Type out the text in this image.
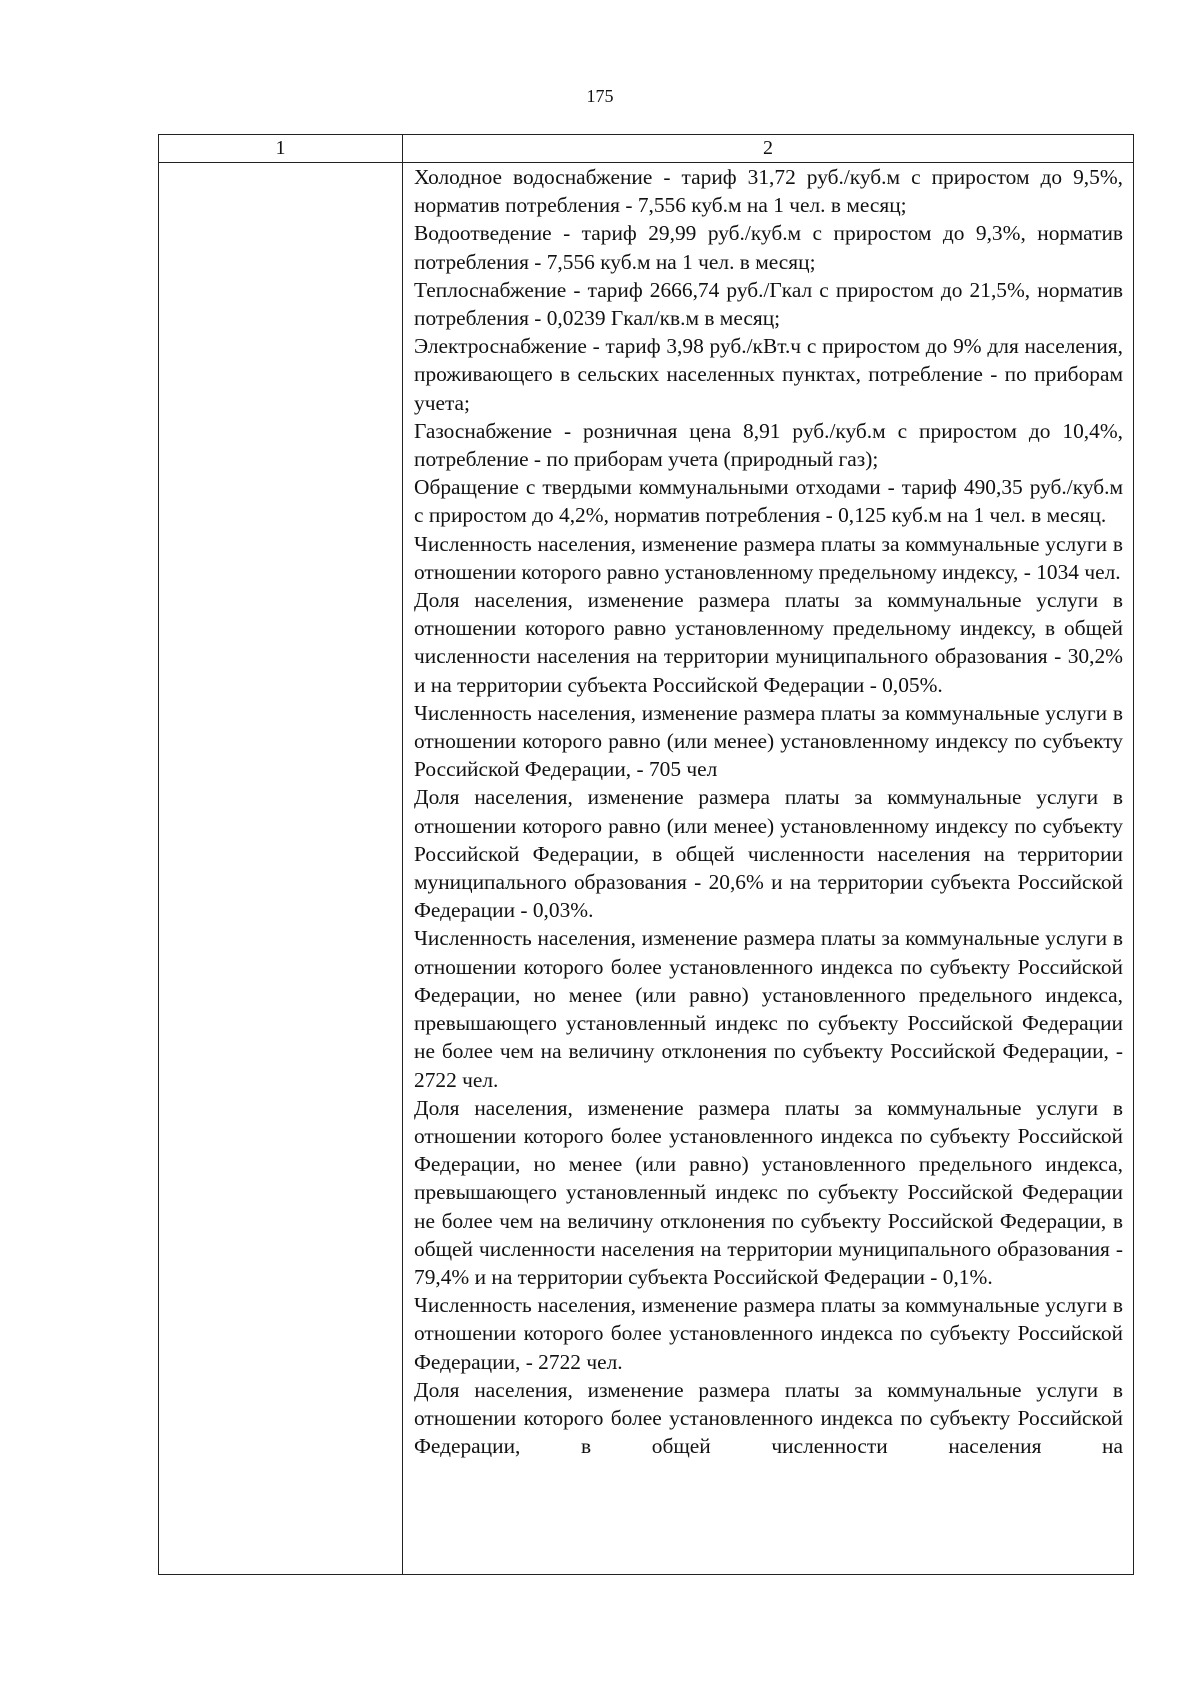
175
1	2

Холодное водоснабжение - тариф 31,72 руб./куб.м с приростом до 9,5%, норматив потребления - 7,556 куб.м на 1 чел. в месяц;

Водоотведение - тариф 29,99 руб./куб.м с приростом до 9,3%, норматив потребления - 7,556 куб.м на 1 чел. в месяц;

Теплоснабжение - тариф 2666,74 руб./Гкал с приростом до 21,5%, норматив потребления - 0,0239 Гкал/кв.м в месяц;

Электроснабжение - тариф 3,98 руб./кВт.ч с приростом до 9% для населения, проживающего в сельских населенных пунктах, потребление - по приборам учета;

Газоснабжение - розничная цена 8,91 руб./куб.м с приростом до 10,4%, потребление - по приборам учета (природный газ);

Обращение с твердыми коммунальными отходами - тариф 490,35 руб./куб.м с приростом до 4,2%, норматив потребления - 0,125 куб.м на 1 чел. в месяц.

Численность населения, изменение размера платы за коммунальные услуги в отношении которого равно установленному предельному индексу, - 1034 чел.

Доля населения, изменение размера платы за коммунальные услуги в отношении которого равно установленному предельному индексу, в общей численности населения на территории муниципального образования - 30,2% и на территории субъекта Российской Федерации - 0,05%.

Численность населения, изменение размера платы за коммунальные услуги в отношении которого равно (или менее) установленному индексу по субъекту Российской Федерации, - 705 чел

Доля населения, изменение размера платы за коммунальные услуги в отношении которого равно (или менее) установленному индексу по субъекту Российской Федерации, в общей численности населения на территории муниципального образования - 20,6% и на территории субъекта Российской Федерации - 0,03%.

Численность населения, изменение размера платы за коммунальные услуги в отношении которого более установленного индекса по субъекту Российской Федерации, но менее (или равно) установленного предельного индекса, превышающего установленный индекс по субъекту Российской Федерации не более чем на величину отклонения по субъекту Российской Федерации, - 2722 чел.

Доля населения, изменение размера платы за коммунальные услуги в отношении которого более установленного индекса по субъекту Российской Федерации, но менее (или равно) установленного предельного индекса, превышающего установленный индекс по субъекту Российской Федерации не более чем на величину отклонения по субъекту Российской Федерации, в общей численности населения на территории муниципального образования - 79,4% и на территории субъекта Российской Федерации - 0,1%.

Численность населения, изменение размера платы за коммунальные услуги в отношении которого более установленного индекса по субъекту Российской Федерации, - 2722 чел.

Доля населения, изменение размера платы за коммунальные услуги в отношении которого более установленного индекса по субъекту Российской Федерации, в общей численности населения на
